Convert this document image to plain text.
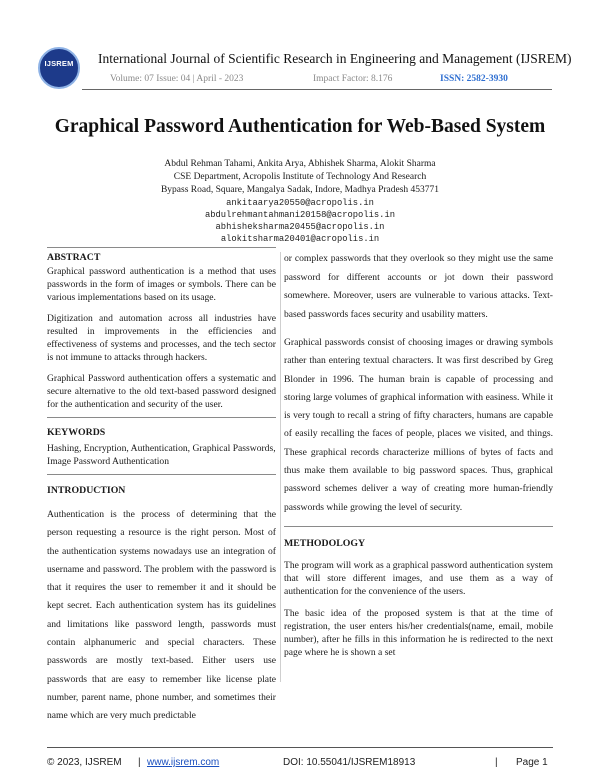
IJSREM	International Journal of Scientific Research in Engineering and Management (IJSREM)
Volume: 07 Issue: 04 | April - 2023	Impact Factor: 8.176	ISSN: 2582-3930
Graphical Password Authentication for Web-Based System
Abdul Rehman Tahami, Ankita Arya, Abhishek Sharma, Alokit Sharma
CSE Department, Acropolis Institute of Technology And Research
Bypass Road, Square, Mangalya Sadak, Indore, Madhya Pradesh 453771
ankitaarya20550@acropolis.in
abdulrehmantahmani20158@acropolis.in
abhisheksharma20455@acropolis.in
alokitsharma20401@acropolis.in
ABSTRACT

Graphical password authentication is a method that uses passwords in the form of images or symbols. There can be various implementations based on its usage.

Digitization and automation across all industries have resulted in improvements in the efficiencies and effectiveness of systems and processes, and the tech sector is not immune to attacks through hackers.

Graphical Password authentication offers a systematic and secure alternative to the old text-based password designed for the authentication and security of the user.

KEYWORDS

Hashing, Encryption, Authentication, Graphical Passwords, Image Password Authentication

INTRODUCTION

Authentication is the process of determining that the person requesting a resource is the right person. Most of the authentication systems nowadays use an integration of username and password. The problem with the password is that it requires the user to remember it and it should be kept secret. Each authentication system has its guidelines and limitations like password length, passwords must contain alphanumeric and special characters. These passwords are mostly text-based. Either users use passwords that are easy to remember like license plate number, parent name, phone number, and sometimes their name which are very much predictable

or complex passwords that they overlook so they might use the same password for different accounts or jot down their password somewhere. Moreover, users are vulnerable to various attacks. Text-based passwords faces security and usability matters.

Graphical passwords consist of choosing images or drawing symbols rather than entering textual characters. It was first described by Greg Blonder in 1996. The human brain is capable of processing and storing large volumes of graphical information with easiness. While it is very tough to recall a string of fifty characters, humans are capable of easily recalling the faces of people, places we visited, and things. These graphical records characterize millions of bytes of facts and thus make them available to big password spaces. Thus, graphical password schemes deliver a way of creating more human-friendly passwords while growing the level of security.

METHODOLOGY

The program will work as a graphical password authentication system that will store different images, and use them as a way of authentication for the convenience of the users.

The basic idea of the proposed system is that at the time of registration, the user enters his/her credentials(name, email, mobile number), after he fills in this information he is redirected to the next page where he is shown a set

© 2023, IJSREM | www.ijsrem.com	DOI: 10.55041/IJSREM18913	| Page 1
